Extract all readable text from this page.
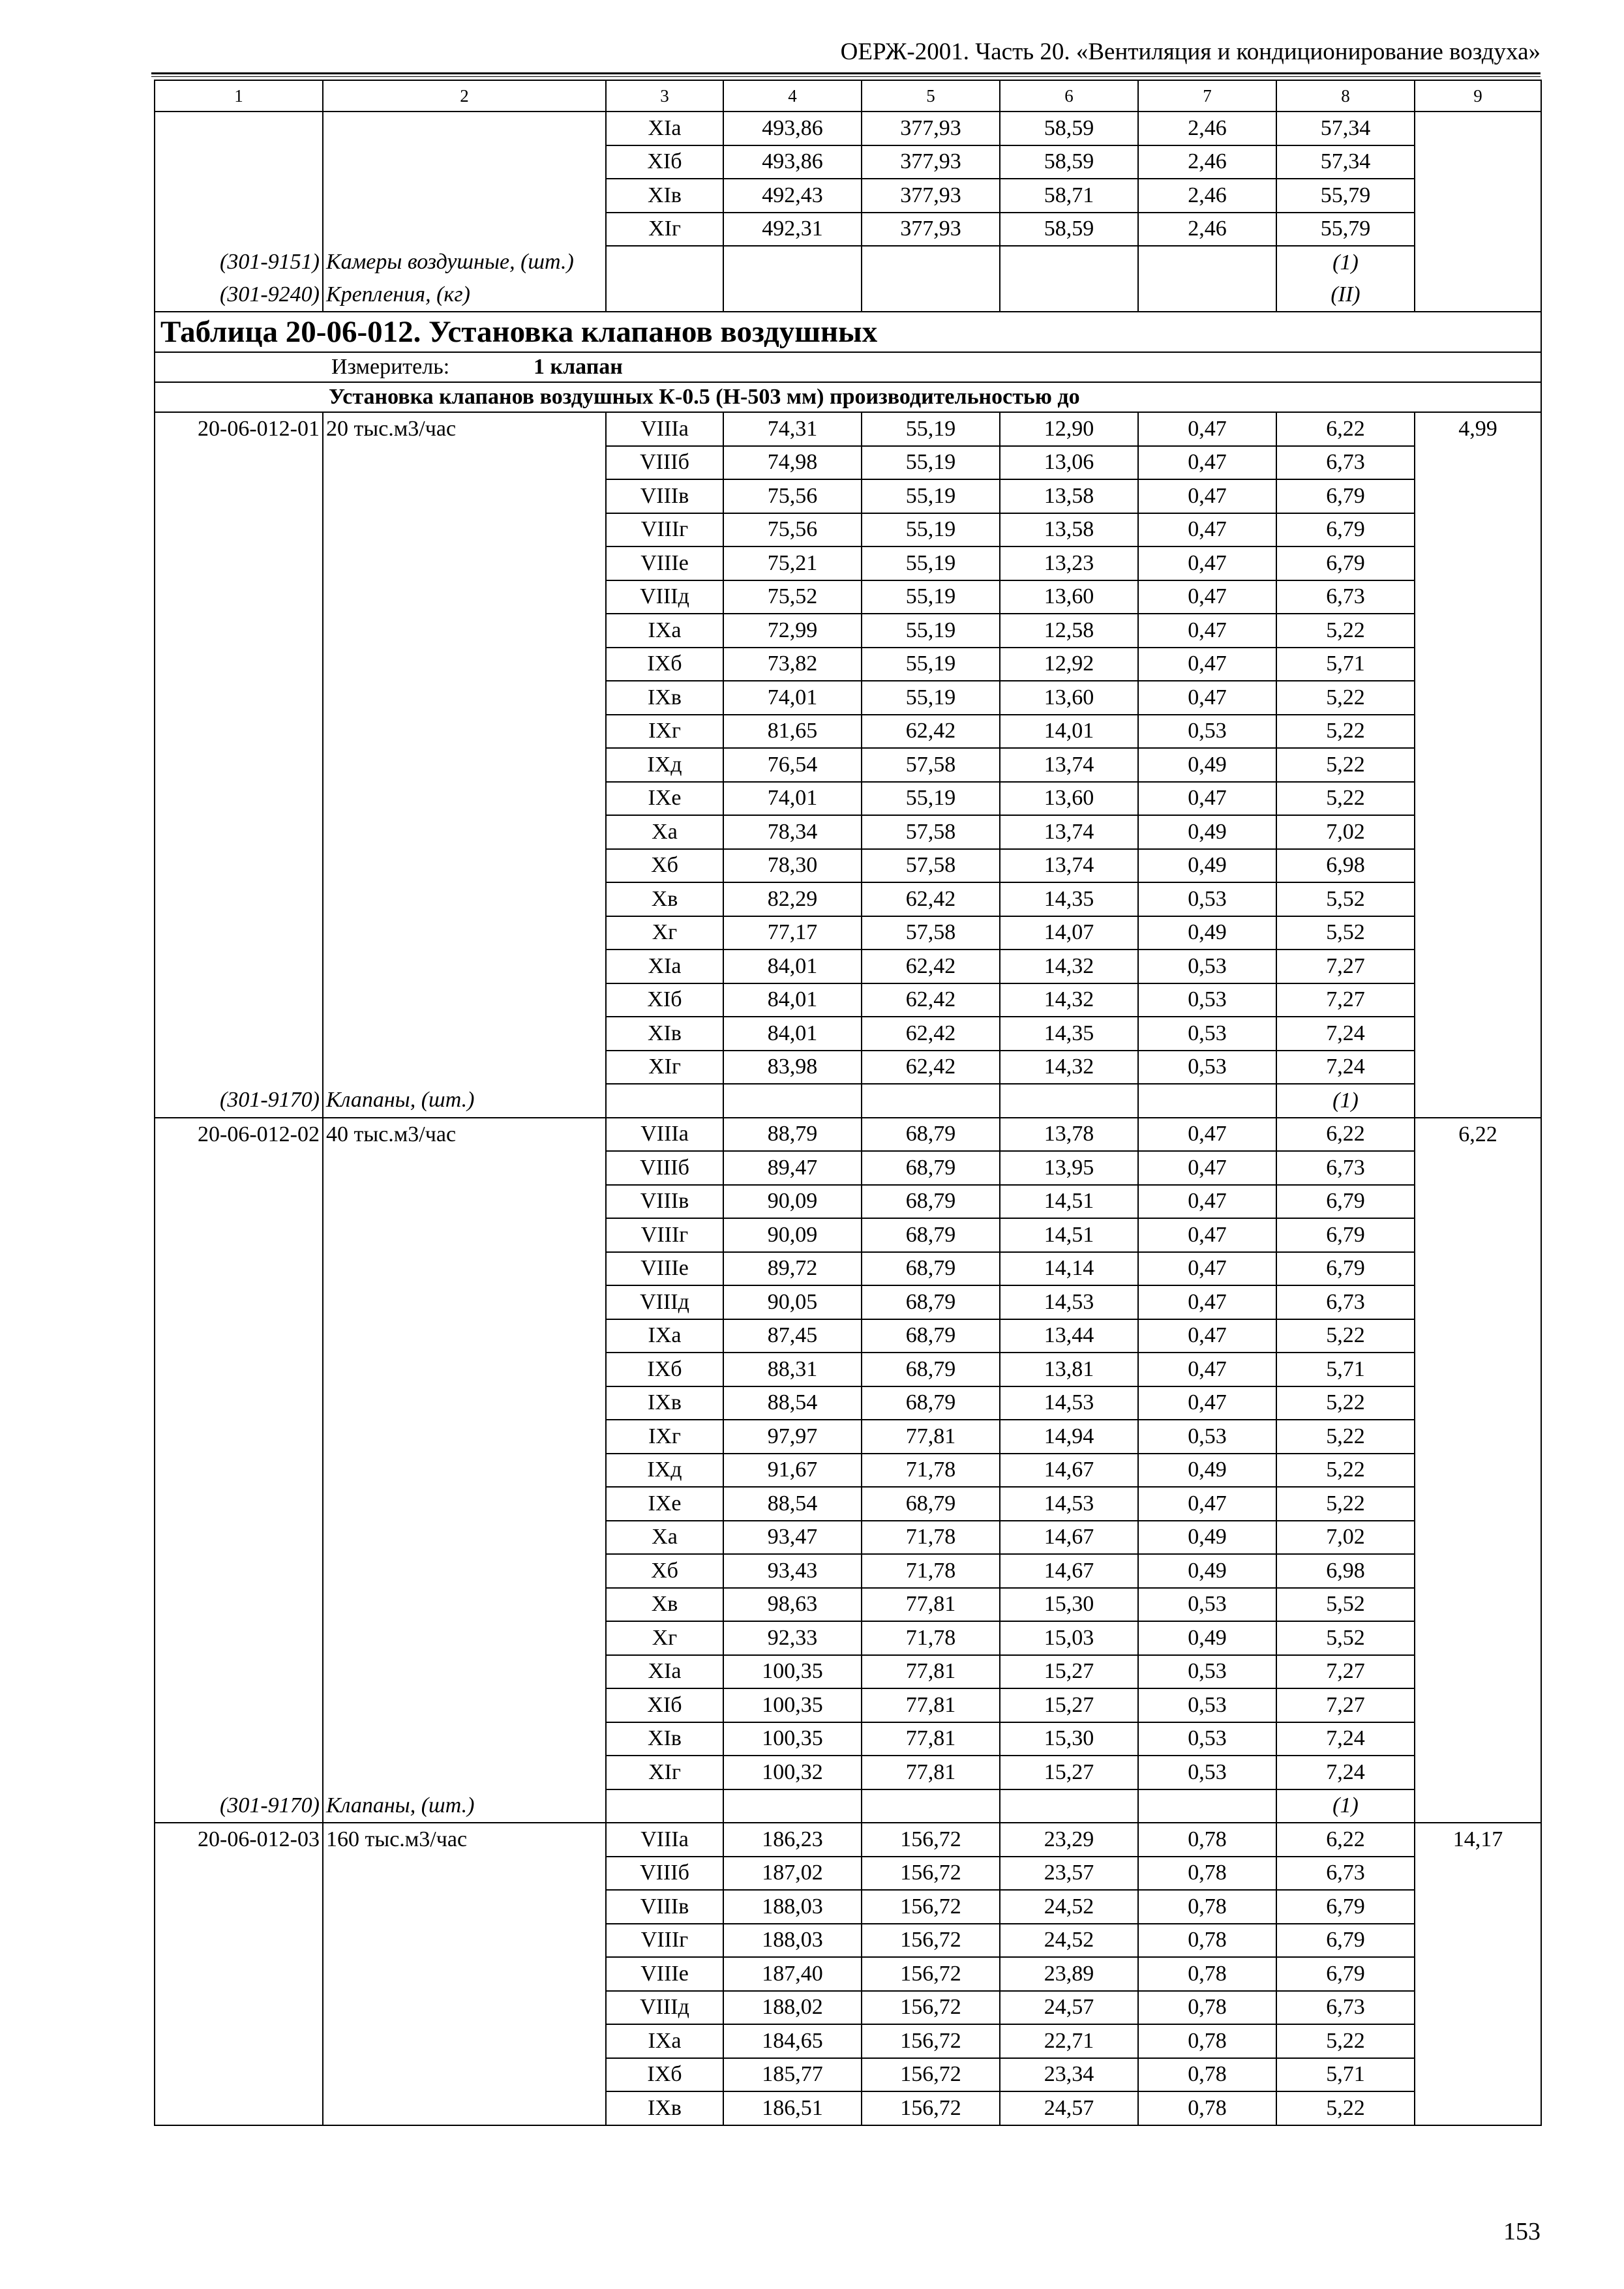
ОЕРЖ-2001. Часть 20. «Вентиляция и кондиционирование воздуха»
1	2	3	4	5	6	7	8	9
		XIa	493,86	377,93	58,59	2,46	57,34	
		XIб	493,86	377,93	58,59	2,46	57,34	
		XIв	492,43	377,93	58,71	2,46	55,79	
		XIг	492,31	377,93	58,59	2,46	55,79	
(301-9151)	Камеры воздушные, (шт.)						(1)	
(301-9240)	Крепления, (кг)						(II)	
Таблица 20-06-012. Установка клапанов воздушных								
Измеритель: 1 клапан								
Установка клапанов воздушных К-0.5 (Н-503 мм) производительностью до								
20-06-012-01	20 тыс.м3/час	VIIIa	74,31	55,19	12,90	0,47	6,22	4,99
		VIIIб	74,98	55,19	13,06	0,47	6,73	
		VIIIв	75,56	55,19	13,58	0,47	6,79	
		VIIIг	75,56	55,19	13,58	0,47	6,79	
		VIIIe	75,21	55,19	13,23	0,47	6,79	
		VIIIд	75,52	55,19	13,60	0,47	6,73	
		IXa	72,99	55,19	12,58	0,47	5,22	
		IXб	73,82	55,19	12,92	0,47	5,71	
		IXв	74,01	55,19	13,60	0,47	5,22	
		IXг	81,65	62,42	14,01	0,53	5,22	
		IXд	76,54	57,58	13,74	0,49	5,22	
		IXe	74,01	55,19	13,60	0,47	5,22	
		Xa	78,34	57,58	13,74	0,49	7,02	
		Xб	78,30	57,58	13,74	0,49	6,98	
		Xв	82,29	62,42	14,35	0,53	5,52	
		Xг	77,17	57,58	14,07	0,49	5,52	
		XIa	84,01	62,42	14,32	0,53	7,27	
		XIб	84,01	62,42	14,32	0,53	7,27	
		XIв	84,01	62,42	14,35	0,53	7,24	
		XIг	83,98	62,42	14,32	0,53	7,24	
(301-9170)	Клапаны, (шт.)						(1)	
20-06-012-02	40 тыс.м3/час	VIIIa	88,79	68,79	13,78	0,47	6,22	6,22
		VIIIб	89,47	68,79	13,95	0,47	6,73	
		VIIIв	90,09	68,79	14,51	0,47	6,79	
		VIIIг	90,09	68,79	14,51	0,47	6,79	
		VIIIe	89,72	68,79	14,14	0,47	6,79	
		VIIIд	90,05	68,79	14,53	0,47	6,73	
		IXa	87,45	68,79	13,44	0,47	5,22	
		IXб	88,31	68,79	13,81	0,47	5,71	
		IXв	88,54	68,79	14,53	0,47	5,22	
		IXг	97,97	77,81	14,94	0,53	5,22	
		IXд	91,67	71,78	14,67	0,49	5,22	
		IXe	88,54	68,79	14,53	0,47	5,22	
		Xa	93,47	71,78	14,67	0,49	7,02	
		Xб	93,43	71,78	14,67	0,49	6,98	
		Xв	98,63	77,81	15,30	0,53	5,52	
		Xг	92,33	71,78	15,03	0,49	5,52	
		XIa	100,35	77,81	15,27	0,53	7,27	
		XIб	100,35	77,81	15,27	0,53	7,27	
		XIв	100,35	77,81	15,30	0,53	7,24	
		XIг	100,32	77,81	15,27	0,53	7,24	
(301-9170)	Клапаны, (шт.)						(1)	
20-06-012-03	160 тыс.м3/час	VIIIa	186,23	156,72	23,29	0,78	6,22	14,17
		VIIIб	187,02	156,72	23,57	0,78	6,73	
		VIIIв	188,03	156,72	24,52	0,78	6,79	
		VIIIг	188,03	156,72	24,52	0,78	6,79	
		VIIIe	187,40	156,72	23,89	0,78	6,79	
		VIIIд	188,02	156,72	24,57	0,78	6,73	
		IXa	184,65	156,72	22,71	0,78	5,22	
		IXб	185,77	156,72	23,34	0,78	5,71	
		IXв	186,51	156,72	24,57	0,78	5,22	
153
